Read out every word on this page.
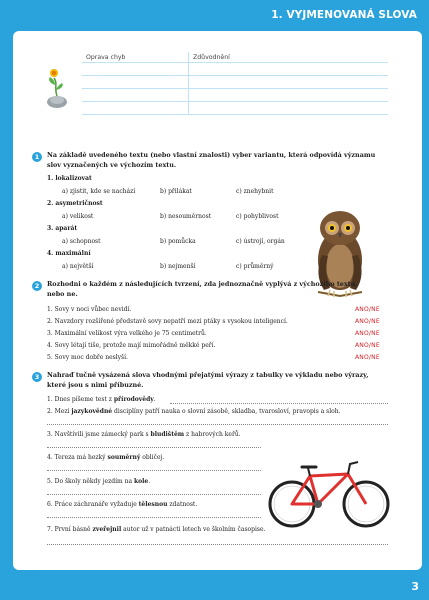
1. VYJMENOVANÁ SLOVA
Oprava chyb	Zdůvodnění

1	Na základě uvedeného textu (nebo vlastní znalosti) vyber variantu, která odpovídá významu
slov vyznačených ve výchozím textu.
1. lokalizovat
a) zjistit, kde se nachází	b) přilákat	c) znehybnit
2. asymetričnost
a) velikost	b) nesouměrnost	c) pohyblivost
3. aparát
a) schopnost	b) pomůcka	c) ústrojí, orgán
4. maximální
a) největší	b) nejmenší	c) průměrný
2	Rozhodni o každém z následujících tvrzení, zda jednoznačně vyplývá z výchozího textu,
nebo ne.
1. Sovy v noci vůbec nevidí.	ANO/NE
2. Navzdory rozšířené představě sovy nepatří mezi ptáky s vysokou inteligencí.	ANO/NE
3. Maximální velikost výra velkého je 75 centimetrů.	ANO/NE
4. Sovy létají tiše, protože mají mimořádně měkké peří.	ANO/NE
5. Sovy moc dobře neslyší.	ANO/NE
3	Nahraď tučně vysázená slova vhodnými přejatými výrazy z tabulky ve výkladu nebo výrazy,
které jsou s nimi příbuzné.
1. Dnes píšeme test z přírodovědy.
2. Mezi jazykovědné disciplíny patří nauka o slovní zásobě, skladba, tvarosloví, pravopis a sloh.
3. Navštívili jsme zámecký park s bludištěm z habrových keřů.
4. Tereza má hezký souměrný obličej.
5. Do školy někdy jezdím na kole.
6. Práce záchranáře vyžaduje tělesnou zdatnost.
7. První básně zveřejnil autor už v patnácti letech ve školním časopise.
3
